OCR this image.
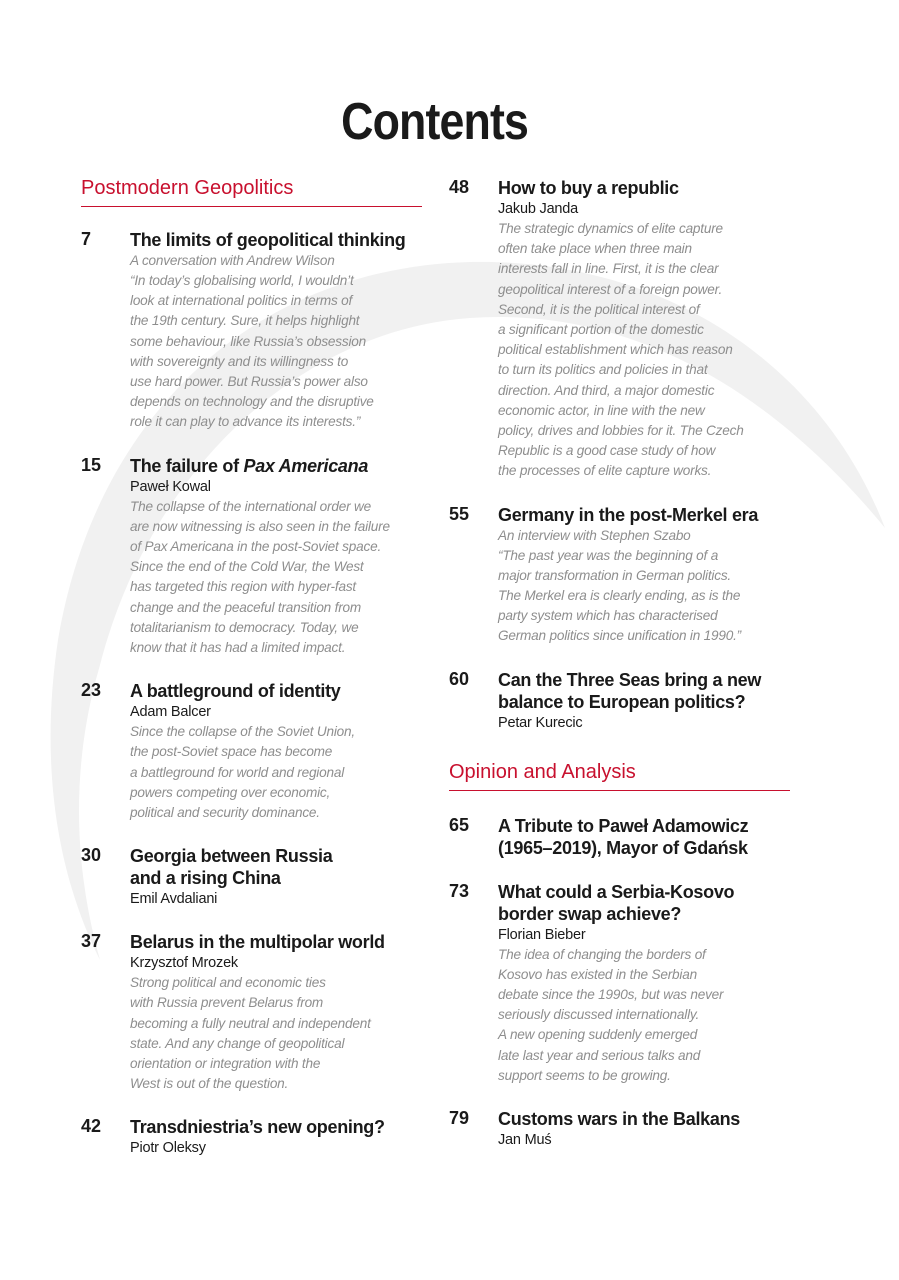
Contents
Postmodern Geopolitics
7 The limits of geopolitical thinking
A conversation with Andrew Wilson
“In today’s globalising world, I wouldn’t
look at international politics in terms of
the 19th century. Sure, it helps highlight
some behaviour, like Russia’s obsession
with sovereignty and its willingness to
use hard power. But Russia’s power also
depends on technology and the disruptive
role it can play to advance its interests.”
15 The failure of Pax Americana
Paweł Kowal
The collapse of the international order we
are now witnessing is also seen in the failure
of Pax Americana in the post-Soviet space.
Since the end of the Cold War, the West
has targeted this region with hyper-fast
change and the peaceful transition from
totalitarianism to democracy. Today, we
know that it has had a limited impact.
23 A battleground of identity
Adam Balcer
Since the collapse of the Soviet Union,
the post-Soviet space has become
a battleground for world and regional
powers competing over economic,
political and security dominance.
30 Georgia between Russia
and a rising China
Emil Avdaliani
37 Belarus in the multipolar world
Krzysztof Mrozek
Strong political and economic ties
with Russia prevent Belarus from
becoming a fully neutral and independent
state. And any change of geopolitical
orientation or integration with the
West is out of the question.
42 Transdniestria’s new opening?
Piotr Oleksy
48 How to buy a republic
Jakub Janda
The strategic dynamics of elite capture
often take place when three main
interests fall in line. First, it is the clear
geopolitical interest of a foreign power.
Second, it is the political interest of
a significant portion of the domestic
political establishment which has reason
to turn its politics and policies in that
direction. And third, a major domestic
economic actor, in line with the new
policy, drives and lobbies for it. The Czech
Republic is a good case study of how
the processes of elite capture works.
55 Germany in the post-Merkel era
An interview with Stephen Szabo
“The past year was the beginning of a
major transformation in German politics.
The Merkel era is clearly ending, as is the
party system which has characterised
German politics since unification in 1990.”
60 Can the Three Seas bring a new
balance to European politics?
Petar Kurecic
Opinion and Analysis
65 A Tribute to Paweł Adamowicz
(1965–2019), Mayor of Gdańsk
73 What could a Serbia-Kosovo
border swap achieve?
Florian Bieber
The idea of changing the borders of
Kosovo has existed in the Serbian
debate since the 1990s, but was never
seriously discussed internationally.
A new opening suddenly emerged
late last year and serious talks and
support seems to be growing.
79 Customs wars in the Balkans
Jan Muś
